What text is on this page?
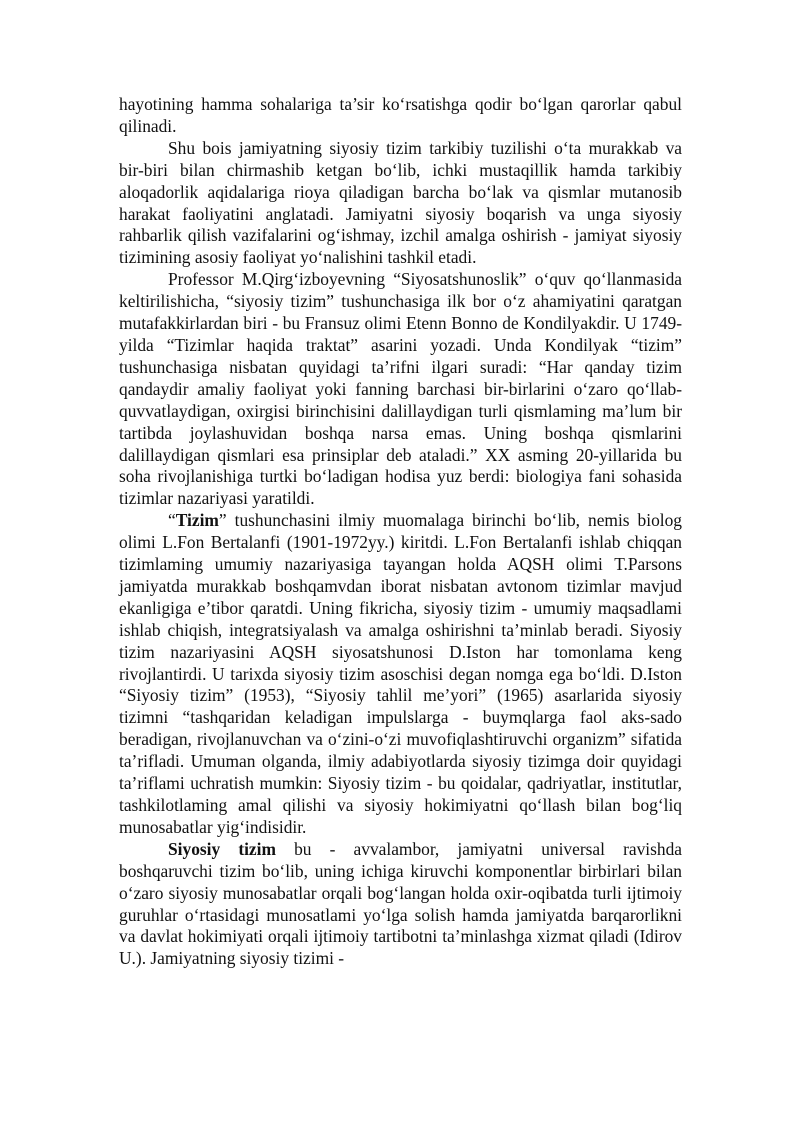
hayotining hamma sohalariga ta’sir ko‘rsatishga qodir bo‘lgan qarorlar qabul qilinadi.

Shu bois jamiyatning siyosiy tizim tarkibiy tuzilishi o‘ta murakkab va bir-biri bilan chirmashib ketgan bo‘lib, ichki mustaqillik hamda tarkibiy aloqadorlik aqidalariga rioya qiladigan barcha bo‘lak va qismlar mutanosib harakat faoliyatini anglatadi. Jamiyatni siyosiy boqarish va unga siyosiy rahbarlik qilish vazifalarini og‘ishmay, izchil amalga oshirish - jamiyat siyosiy tizimining asosiy faoliyat yo‘nalishini tashkil etadi.

Professor M.Qirg‘izboyevning “Siyosatshunoslik” o‘quv qo‘llanmasida keltirilishicha, “siyosiy tizim” tushunchasiga ilk bor o‘z ahamiyatini qaratgan mutafakkirlardan biri - bu Fransuz olimi Etenn Bonno de Kondilyakdir. U 1749-yilda “Tizimlar haqida traktat” asarini yozadi. Unda Kondilyak “tizim” tushunchasiga nisbatan quyidagi ta’rifni ilgari suradi: “Har qanday tizim qandaydir amaliy faoliyat yoki fanning barchasi bir-birlarini o‘zaro qo‘llab-quvvatlaydigan, oxirgisi birinchisini dalillaydigan turli qismlaming ma’lum bir tartibda joylashuvidan boshqa narsa emas. Uning boshqa qismlarini dalillaydigan qismlari esa prinsiplar deb ataladi.” XX asming 20-yillarida bu soha rivojlanishiga turtki bo‘ladigan hodisa yuz berdi: biologiya fani sohasida tizimlar nazariyasi yaratildi.

“Tizim” tushunchasini ilmiy muomalaga birinchi bo‘lib, nemis biolog olimi L.Fon Bertalanfi (1901-1972yy.) kiritdi. L.Fon Bertalanfi ishlab chiqqan tizimlaming umumiy nazariyasiga tayangan holda AQSH olimi T.Parsons jamiyatda murakkab boshqamvdan iborat nisbatan avtonom tizimlar mavjud ekanligiga e’tibor qaratdi. Uning fikricha, siyosiy tizim - umumiy maqsadlami ishlab chiqish, integratsiyalash va amalga oshirishni ta’minlab beradi. Siyosiy tizim nazariyasini AQSH siyosatshunosi D.Iston har tomonlama keng rivojlantirdi. U tarixda siyosiy tizim asoschisi degan nomga ega bo‘ldi. D.Iston “Siyosiy tizim” (1953), “Siyosiy tahlil me’yori” (1965) asarlarida siyosiy tizimni “tashqaridan keladigan impulslarga - buymqlarga faol aks-sado beradigan, rivojlanuvchan va o‘zini-o‘zi muvofiqlashtiruvchi organizm” sifatida ta’rifladi. Umuman olganda, ilmiy adabiyotlarda siyosiy tizimga doir quyidagi ta’riflami uchratish mumkin: Siyosiy tizim - bu qoidalar, qadriyatlar, institutlar, tashkilotlaming amal qilishi va siyosiy hokimiyatni qo‘llash bilan bog‘liq munosabatlar yig‘indisidir.

Siyosiy tizim bu - avvalambor, jamiyatni universal ravishda boshqaruvchi tizim bo‘lib, uning ichiga kiruvchi komponentlar birbirlari bilan o‘zaro siyosiy munosabatlar orqali bog‘langan holda oxir-oqibatda turli ijtimoiy guruhlar o‘rtasidagi munosatlami yo‘lga solish hamda jamiyatda barqarorlikni va davlat hokimiyati orqali ijtimoiy tartibotni ta’minlashga xizmat qiladi (Idirov U.). Jamiyatning siyosiy tizimi -
